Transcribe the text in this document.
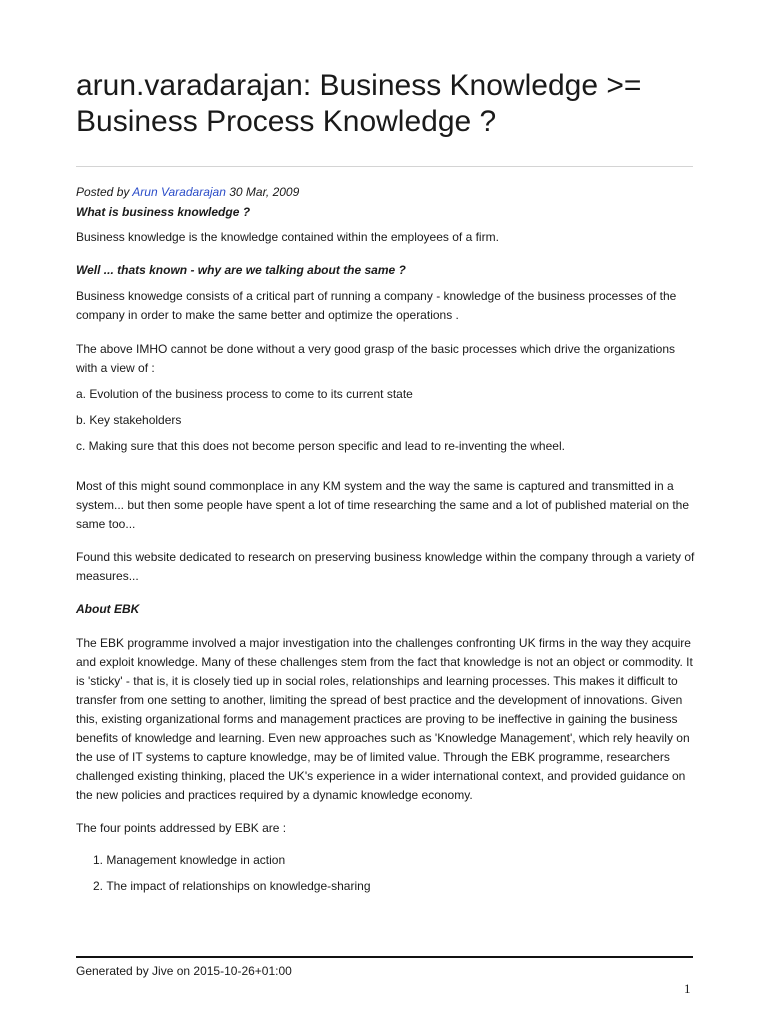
arun.varadarajan: Business Knowledge >= Business Process Knowledge ?
Posted by Arun Varadarajan 30 Mar, 2009

What is business knowledge ?

Business knowledge is the knowledge contained within the employees of a firm.

Well ... thats known - why are we talking about the same ?

Business knowedge consists of a critical part of running a company - knowledge of the business processes of the company in order to make the same better and optimize the operations .

The above IMHO cannot be done without a very good grasp of the basic processes which drive the organizations with a view of :

a. Evolution of the business process to come to its current state

b. Key stakeholders

c. Making sure that this does not become person specific and lead to re-inventing the wheel.

Most of this might sound commonplace in any KM system and the way the same is captured and transmitted in a system... but then some people have spent a lot of time researching the same and a lot of published material on the same too...

Found this website dedicated to research on preserving business knowledge within the company through a variety of measures...

About EBK

The EBK programme involved a major investigation into the challenges confronting UK firms in the way they acquire and exploit knowledge. Many of these challenges stem from the fact that knowledge is not an object or commodity. It is 'sticky' - that is, it is closely tied up in social roles, relationships and learning processes. This makes it difficult to transfer from one setting to another, limiting the spread of best practice and the development of innovations. Given this, existing organizational forms and management practices are proving to be ineffective in gaining the business benefits of knowledge and learning. Even new approaches such as 'Knowledge Management', which rely heavily on the use of IT systems to capture knowledge, may be of limited value. Through the EBK programme, researchers challenged existing thinking, placed the UK's experience in a wider international context, and provided guidance on the new policies and practices required by a dynamic knowledge economy.

The four points addressed by EBK are :

1.
Management knowledge in action
2.
The impact of relationships on knowledge-sharing
Generated by Jive on 2015-10-26+01:00
1
